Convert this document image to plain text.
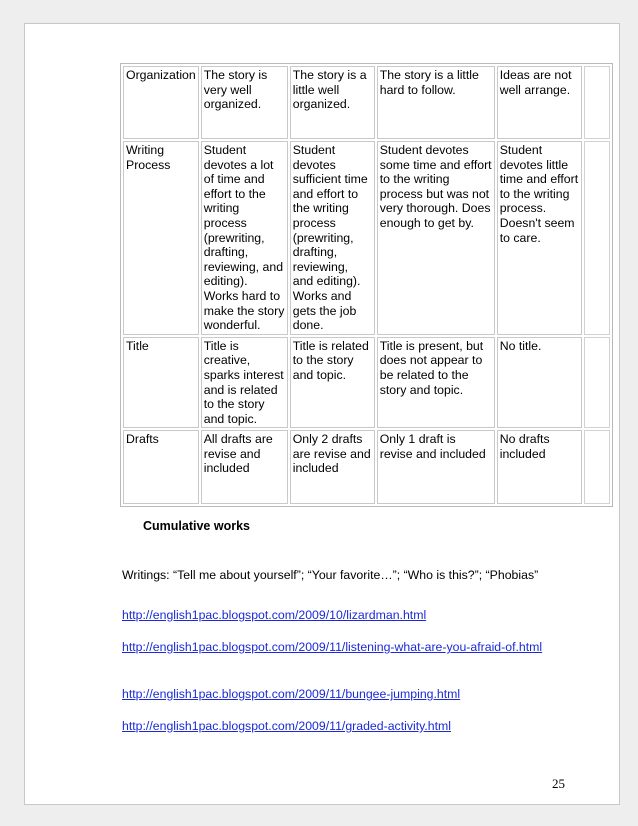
Organization	The story is very well organized.	The story is a little well organized.	The story is a little hard to follow.	Ideas are not well arrange.	
Writing Process	Student devotes a lot of time and effort to the writing process (prewriting, drafting, reviewing, and editing). Works hard to make the story wonderful.	Student devotes sufficient time and effort to the writing process (prewriting, drafting, reviewing, and editing). Works and gets the job done.	Student devotes some time and effort to the writing process but was not very thorough. Does enough to get by.	Student devotes little time and effort to the writing process. Doesn't seem to care.	
Title	Title is creative, sparks interest and is related to the story and topic.	Title is related to the story and topic.	Title is present, but does not appear to be related to the story and topic.	No title.	
Drafts	All drafts are revise and included	Only 2 drafts are revise and included	Only 1 draft is revise and included	No drafts included	
Cumulative works
Writings: “Tell me about yourself”; “Your favorite…”; “Who is this?”; “Phobias”
http://english1pac.blogspot.com/2009/10/lizardman.html
http://english1pac.blogspot.com/2009/11/listening-what-are-you-afraid-of.html
http://english1pac.blogspot.com/2009/11/bungee-jumping.html
http://english1pac.blogspot.com/2009/11/graded-activity.html
25
